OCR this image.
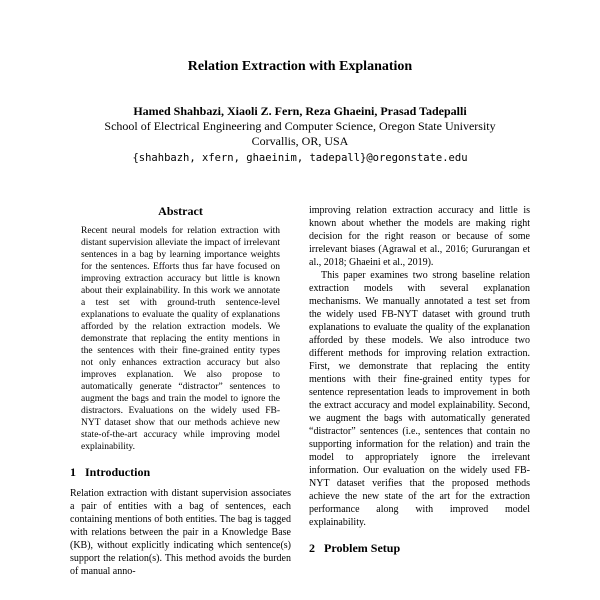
Relation Extraction with Explanation
Hamed Shahbazi, Xiaoli Z. Fern, Reza Ghaeini, Prasad Tadepalli
School of Electrical Engineering and Computer Science, Oregon State University
Corvallis, OR, USA
{shahbazh, xfern, ghaeinim, tadepall}@oregonstate.edu
Abstract

Recent neural models for relation extraction with distant supervision alleviate the impact of irrelevant sentences in a bag by learning importance weights for the sentences. Efforts thus far have focused on improving extraction accuracy but little is known about their explainability. In this work we annotate a test set with ground-truth sentence-level explanations to evaluate the quality of explanations afforded by the relation extraction models. We demonstrate that replacing the entity mentions in the sentences with their fine-grained entity types not only enhances extraction accuracy but also improves explanation. We also propose to automatically generate “distractor” sentences to augment the bags and train the model to ignore the distractors. Evaluations on the widely used FB-NYT dataset show that our methods achieve new state-of-the-art accuracy while improving model explainability.

1 Introduction

Relation extraction with distant supervision associates a pair of entities with a bag of sentences, each containing mentions of both entities. The bag is tagged with relations between the pair in a Knowledge Base (KB), without explicitly indicating which sentence(s) support the relation(s). This method avoids the burden of manual anno-

improving relation extraction accuracy and little is known about whether the models are making right decision for the right reason or because of some irrelevant biases (Agrawal et al., 2016; Gururangan et al., 2018; Ghaeini et al., 2019).

This paper examines two strong baseline relation extraction models with several explanation mechanisms. We manually annotated a test set from the widely used FB-NYT dataset with ground truth explanations to evaluate the quality of the explanation afforded by these models. We also introduce two different methods for improving relation extraction. First, we demonstrate that replacing the entity mentions with their fine-grained entity types for sentence representation leads to improvement in both the extract accuracy and model explainability. Second, we augment the bags with automatically generated “distractor” sentences (i.e., sentences that contain no supporting information for the relation) and train the model to appropriately ignore the irrelevant information. Our evaluation on the widely used FB-NYT dataset verifies that the proposed methods achieve the new state of the art for the extraction performance along with improved model explainability.

2 Problem Setup
